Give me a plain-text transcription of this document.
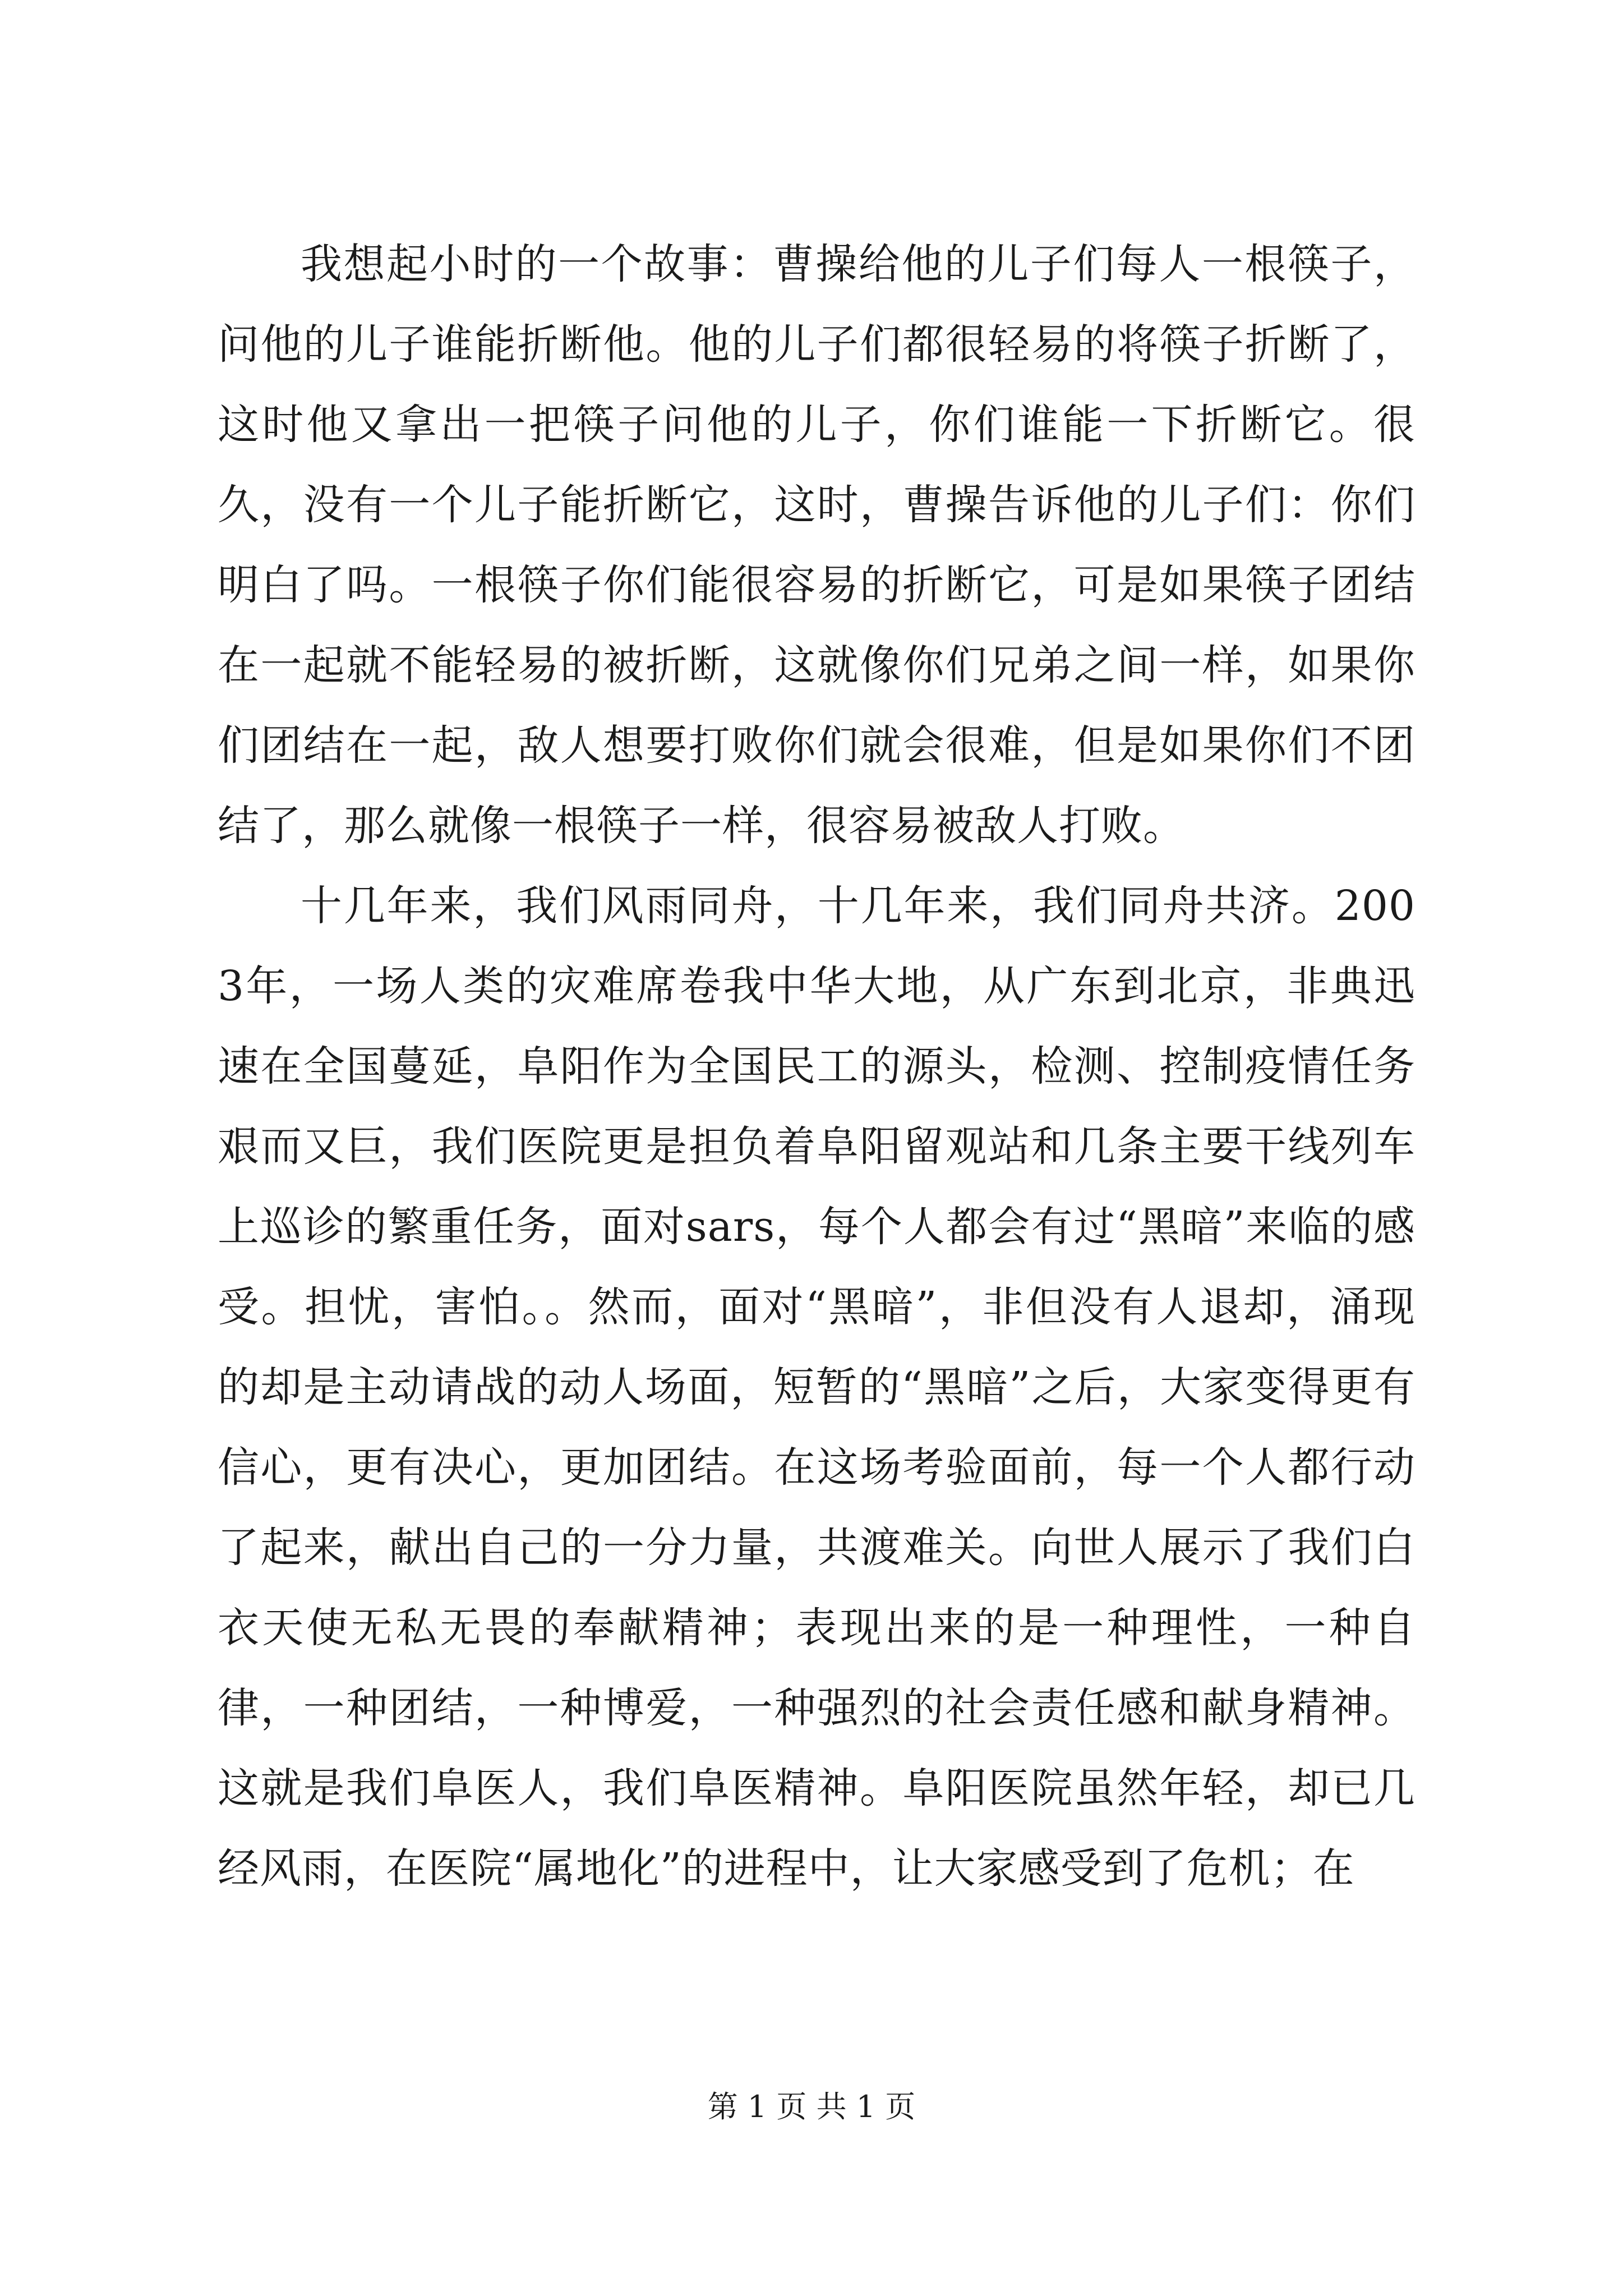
我想起小时的一个故事：曹操给他的儿子们每人一根筷子，问他的儿子谁能折断他。他的儿子们都很轻易的将筷子折断了，这时他又拿出一把筷子问他的儿子，你们谁能一下折断它。很久，没有一个儿子能折断它，这时，曹操告诉他的儿子们：你们明白了吗。一根筷子你们能很容易的折断它，可是如果筷子团结在一起就不能轻易的被折断，这就像你们兄弟之间一样，如果你们团结在一起，敌人想要打败你们就会很难，但是如果你们不团结了，那么就像一根筷子一样，很容易被敌人打败。

十几年来，我们风雨同舟，十几年来，我们同舟共济。2003年，一场人类的灾难席卷我中华大地，从广东到北京，非典迅速在全国蔓延，阜阳作为全国民工的源头，检测、控制疫情任务艰而又巨，我们医院更是担负着阜阳留观站和几条主要干线列车上巡诊的繁重任务，面对sars，每个人都会有过“黑暗”来临的感受。担忧，害怕。。然而，面对“黑暗”，非但没有人退却，涌现的却是主动请战的动人场面，短暂的“黑暗”之后，大家变得更有信心，更有决心，更加团结。在这场考验面前，每一个人都行动了起来，献出自己的一分力量，共渡难关。向世人展示了我们白衣天使无私无畏的奉献精神；表现出来的是一种理性，一种自律，一种团结，一种博爱，一种强烈的社会责任感和献身精神。这就是我们阜医人，我们阜医精神。阜阳医院虽然年轻，却已几经风雨，在医院“属地化”的进程中，让大家感受到了危机；在

第 1 页 共 1 页
